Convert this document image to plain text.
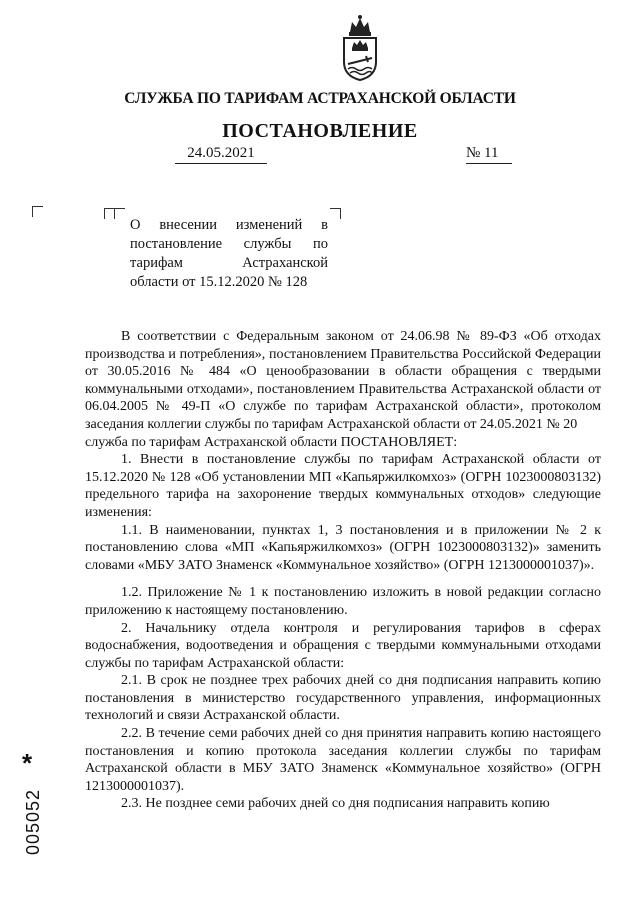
СЛУЖБА ПО ТАРИФАМ АСТРАХАНСКОЙ ОБЛАСТИ
ПОСТАНОВЛЕНИЕ
24.05.2021	№ 11
О внесении изменений в
постановление службы по
тарифам Астраханской
области от 15.12.2020 № 128

В соответствии с Федеральным законом от 24.06.98 № 89-ФЗ «Об отходах производства и потребления», постановлением Правительства Российской Федерации от 30.05.2016 № 484 «О ценообразовании в области обращения с твердыми коммунальными отходами», постановлением Правительства Астраханской области от 06.04.2005 № 49-П «О службе по тарифам Астраханской области», протоколом заседания коллегии службы по тарифам Астраханской области от 24.05.2021 № 20

служба по тарифам Астраханской области ПОСТАНОВЛЯЕТ:

1. Внести в постановление службы по тарифам Астраханской области от 15.12.2020 № 128 «Об установлении МП «Капьяржилкомхоз» (ОГРН 1023000803132) предельного тарифа на захоронение твердых коммунальных отходов» следующие изменения:

1.1. В наименовании, пунктах 1, 3 постановления и в приложении № 2 к постановлению слова «МП «Капьяржилкомхоз» (ОГРН 1023000803132)» заменить словами «МБУ ЗАТО Знаменск «Коммунальное хозяйство» (ОГРН 1213000001037)».

1.2. Приложение № 1 к постановлению изложить в новой редакции согласно приложению к настоящему постановлению.

2. Начальнику отдела контроля и регулирования тарифов в сферах водоснабжения, водоотведения и обращения с твердыми коммунальными отходами службы по тарифам Астраханской области:

2.1. В срок не позднее трех рабочих дней со дня подписания направить копию постановления в министерство государственного управления, информационных технологий и связи Астраханской области.

2.2. В течение семи рабочих дней со дня принятия направить копию настоящего постановления и копию протокола заседания коллегии службы по тарифам Астраханской области в МБУ ЗАТО Знаменск «Коммунальное хозяйство» (ОГРН 1213000001037).

2.3. Не позднее семи рабочих дней со дня подписания направить копию

*
005052
